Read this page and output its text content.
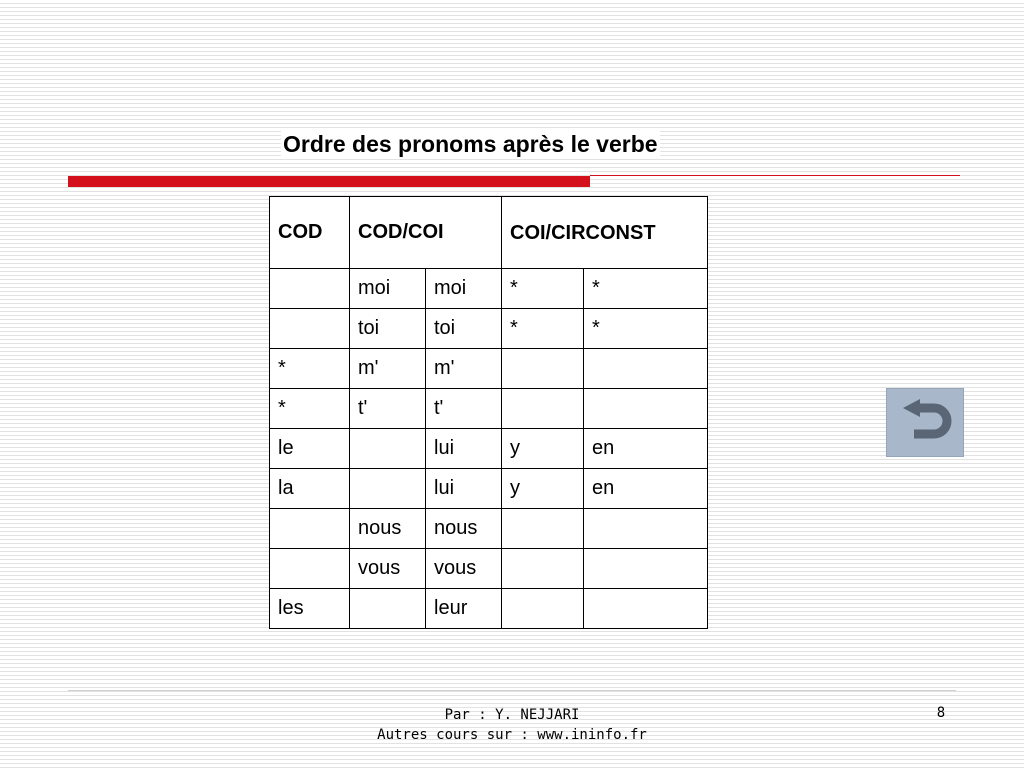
Ordre des pronoms après le verbe
COD	COD/COI		COI/CIRCONST	
	moi	moi	*	*
	toi	toi	*	*
*	m'	m'		
*	t'	t'		
le		lui	y	en
la		lui	y	en
	nous	nous		
	vous	vous		
les		leur		
Par : Y. NEJJARI
Autres cours sur : www.ininfo.fr
8
